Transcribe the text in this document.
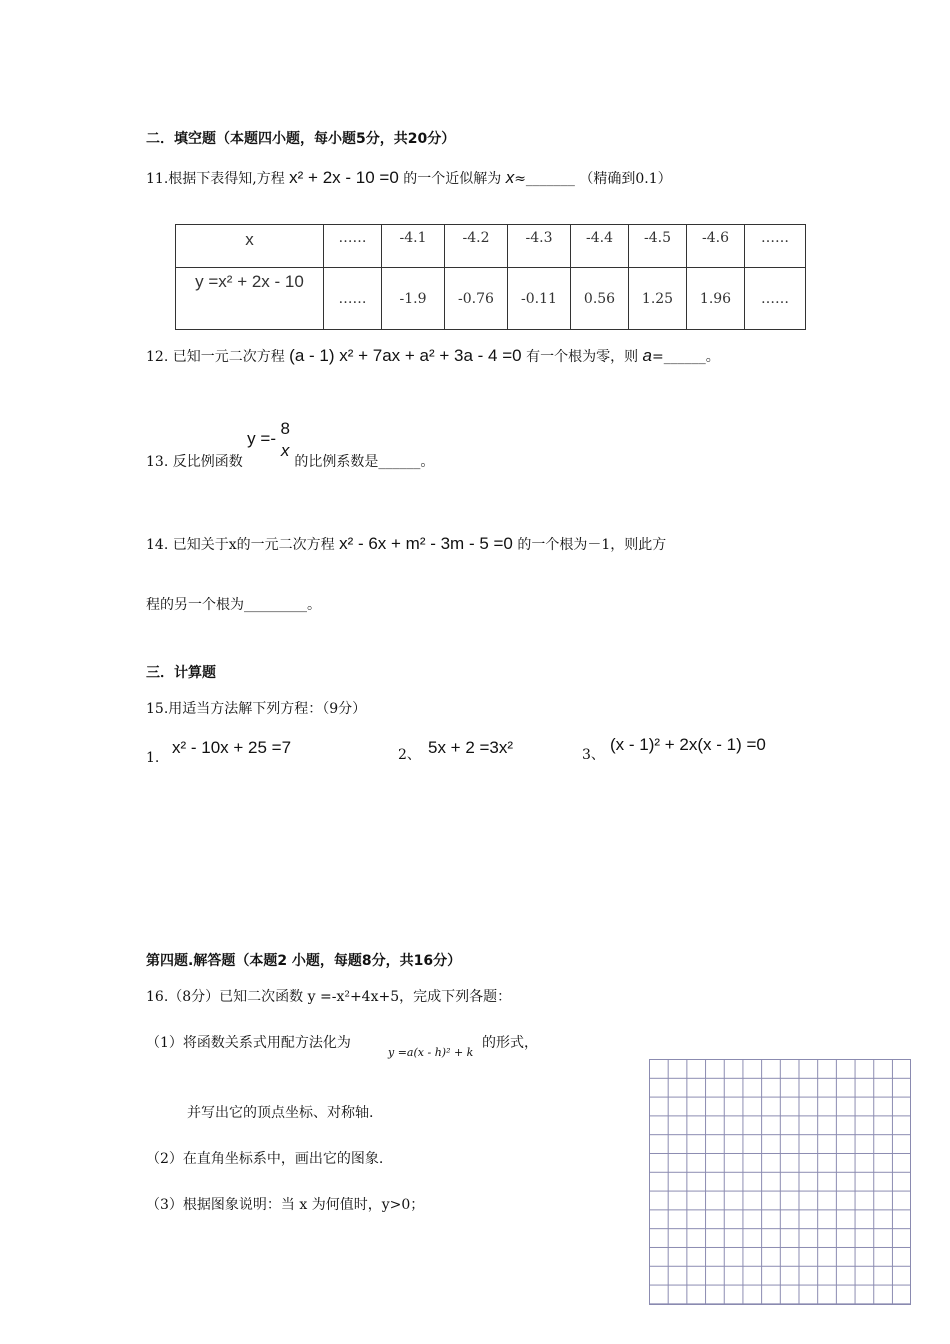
二．填空题（本题四小题，每小题5分，共20分）
11.根据下表得知,方程 x² + 2x - 10 =0 的一个近似解为 x≈_______ （精确到0.1）
x	……	-4.1	-4.2	-4.3	-4.4	-4.5	-4.6	……
y =x² + 2x - 10	……	-1.9	-0.76	-0.11	0.56	1.25	1.96	……
12. 已知一元二次方程 (a - 1) x² + 7ax + a² + 3a - 4 =0 有一个根为零，则 a=______。
13. 反比例函数 y =-
8
x 的比例系数是______。
14. 已知关于x的一元二次方程 x² - 6x + m² - 3m - 5 =0 的一个根为－1，则此方
程的另一个根为_________。
三．计算题
15.用适当方法解下列方程：（9分）
1.
x² - 10x + 25 =7	2、 5x + 2 =3x²	3、
(x - 1)² + 2x(x - 1) =0
第四题.解答题（本题2 小题，每题8分，共16分）
16.（8分）已知二次函数 y =-x²+4x+5，完成下列各题：
（1）将函数关系式用配方法化为
y =a(x - h)² + k
的形式，
并写出它的顶点坐标、对称轴.
（2）在直角坐标系中，画出它的图象.
（3）根据图象说明：当 x 为何值时，y>0；
